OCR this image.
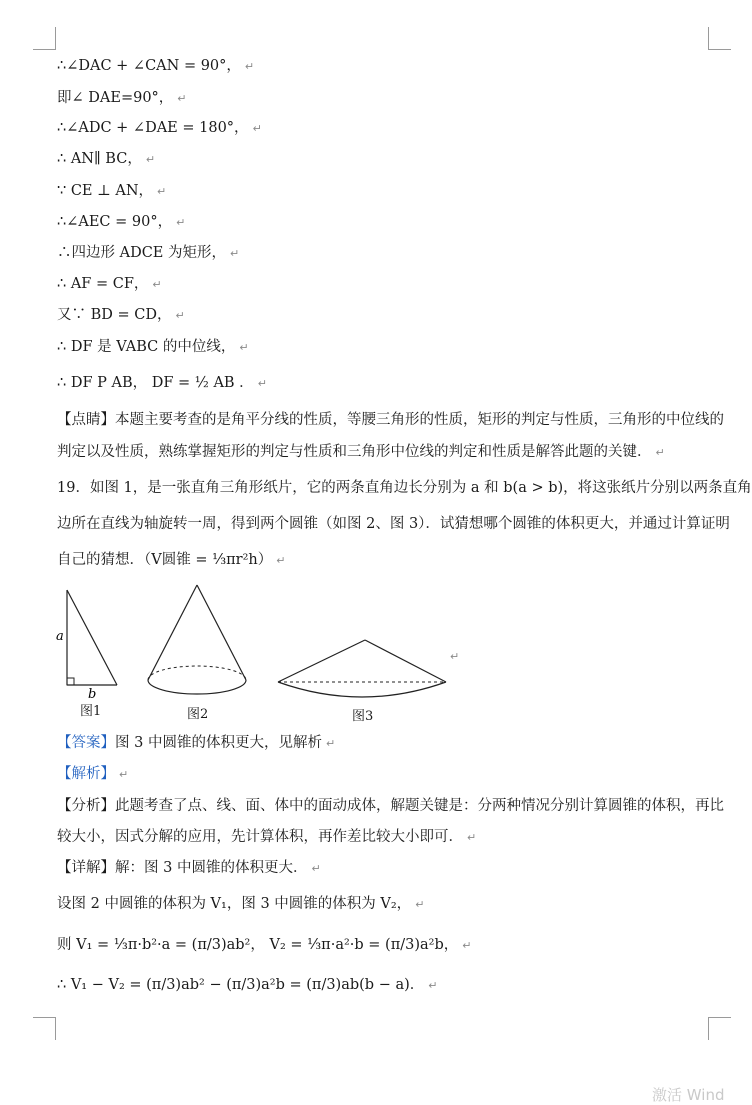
∴∠DAC + ∠CAN = 90°， ↵
即∠ DAE=90°， ↵
∴∠ADC + ∠DAE = 180°， ↵
∴ AN∥ BC， ↵
∵ CE ⊥ AN， ↵
∴∠AEC = 90°， ↵
∴四边形 ADCE 为矩形， ↵
∴ AF = CF， ↵
又∵ BD = CD， ↵
∴ DF 是 VABC 的中位线， ↵
∴ DF P AB， DF = ½ AB ． ↵
【点睛】本题主要考查的是角平分线的性质，等腰三角形的性质，矩形的判定与性质，三角形的中位线的
判定以及性质，熟练掌握矩形的判定与性质和三角形中位线的判定和性质是解答此题的关键． ↵
19．如图 1，是一张直角三角形纸片，它的两条直角边长分别为 a 和 b(a > b)，将这张纸片分别以两条直角
边所在直线为轴旋转一周，得到两个圆锥（如图 2、图 3）．试猜想哪个圆锥的体积更大，并通过计算证明
自己的猜想．（V圆锥 = ⅓πr²h） ↵
a
b
图1	图2	图3
↵
【答案】图 3 中圆锥的体积更大，见解析 ↵
【解析】 ↵
【分析】此题考查了点、线、面、体中的面动成体，解题关键是：分两种情况分别计算圆锥的体积，再比
较大小，因式分解的应用，先计算体积，再作差比较大小即可． ↵
【详解】解：图 3 中圆锥的体积更大． ↵
设图 2 中圆锥的体积为 V₁，图 3 中圆锥的体积为 V₂， ↵
则 V₁ = ⅓π·b²·a = (π/3)ab²， V₂ = ⅓π·a²·b = (π/3)a²b， ↵
∴ V₁ − V₂ = (π/3)ab² − (π/3)a²b = (π/3)ab(b − a)． ↵
激活 Wind
